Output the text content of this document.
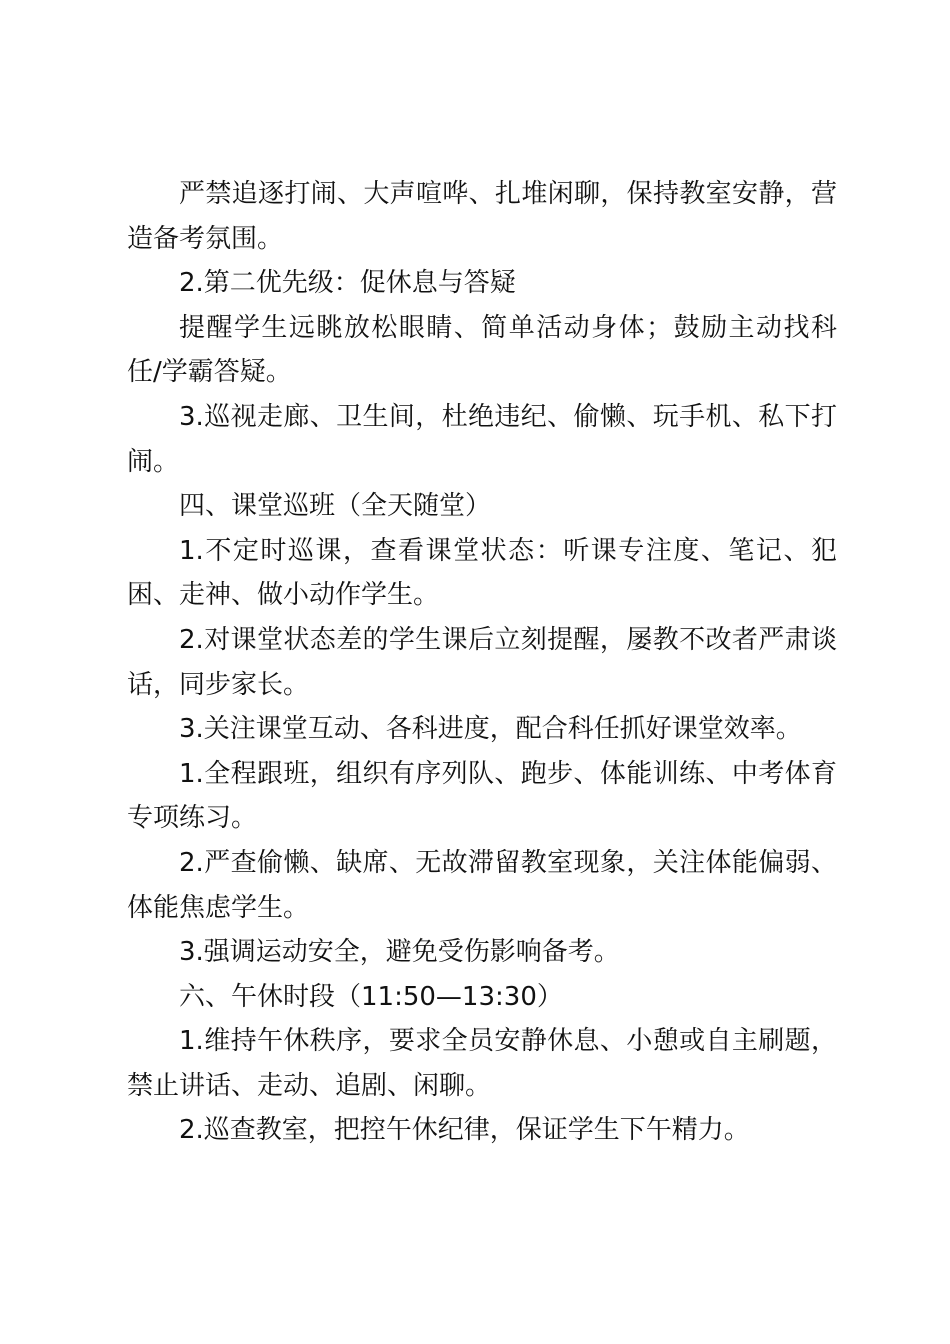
严禁追逐打闹、大声喧哗、扎堆闲聊，保持教室安静，营造备考氛围。

2.第二优先级：促休息与答疑

提醒学生远眺放松眼睛、简单活动身体；鼓励主动找科任/学霸答疑。

3.巡视走廊、卫生间，杜绝违纪、偷懒、玩手机、私下打闹。

四、课堂巡班（全天随堂）

1.不定时巡课，查看课堂状态：听课专注度、笔记、犯困、走神、做小动作学生。

2.对课堂状态差的学生课后立刻提醒，屡教不改者严肃谈话，同步家长。

3.关注课堂互动、各科进度，配合科任抓好课堂效率。

1.全程跟班，组织有序列队、跑步、体能训练、中考体育专项练习。

2.严查偷懒、缺席、无故滞留教室现象，关注体能偏弱、体能焦虑学生。

3.强调运动安全，避免受伤影响备考。

六、午休时段（11:50—13:30）

1.维持午休秩序，要求全员安静休息、小憩或自主刷题，禁止讲话、走动、追剧、闲聊。

2.巡查教室，把控午休纪律，保证学生下午精力。
